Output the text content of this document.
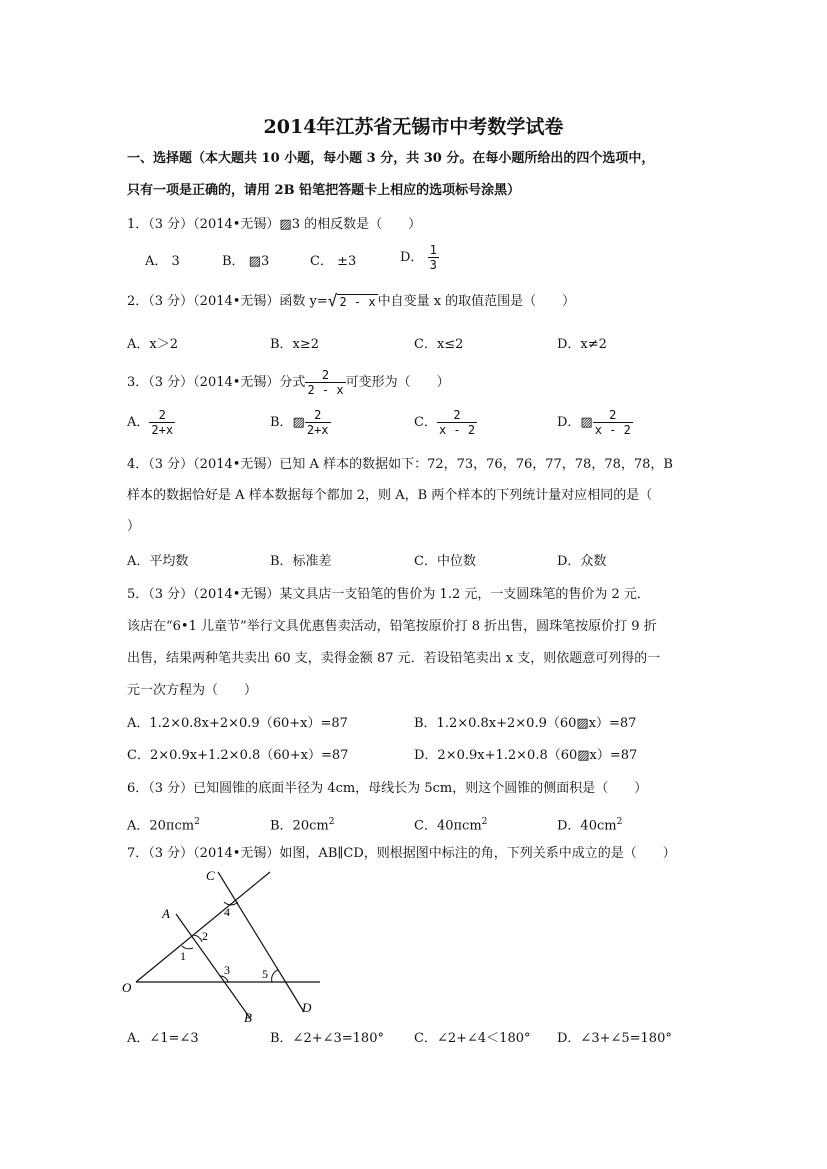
2014年江苏省无锡市中考数学试卷
一、选择题（本大题共 10 小题，每小题 3 分，共 30 分。在每小题所给出的四个选项中，
只有一项是正确的，请用 2B 铅笔把答题卡上相应的选项标号涂黑）
1．（3 分）（2014•无锡）▨3 的相反数是（　　）
A． 3	B． ▨3	C． ±3	D． $\frac{1}{3}$
2．（3 分）（2014•无锡）函数 y=√ 2 - x 中自变量 x 的取值范围是（　　）
A．x＞2	B．x≥2	C．x≤2	D．x≠2
3．（3 分）（2014•无锡）分式 $\frac{2}{2 - x}$ 可变形为（　　）
A． $\frac{2}{2+x}$	B．▨ $\frac{2}{2+x}$	C． $\frac{2}{x - 2}$	D．▨ $\frac{2}{x - 2}$
4．（3 分）（2014•无锡）已知 A 样本的数据如下：72，73，76，76，77，78，78，78，B
样本的数据恰好是 A 样本数据每个都加 2，则 A，B 两个样本的下列统计量对应相同的是（
）
A．平均数	B．标准差	C．中位数	D．众数
5．（3 分）（2014•无锡）某文具店一支铅笔的售价为 1.2 元，一支圆珠笔的售价为 2 元．
该店在“6•1 儿童节”举行文具优惠售卖活动，铅笔按原价打 8 折出售，圆珠笔按原价打 9 折
出售，结果两种笔共卖出 60 支，卖得金额 87 元．若设铅笔卖出 x 支，则依题意可列得的一
元一次方程为（　　）
A．1.2×0.8x+2×0.9（60+x）=87	B．1.2×0.8x+2×0.9（60▨x）=87
C．2×0.9x+1.2×0.8（60+x）=87	D．2×0.9x+1.2×0.8（60▨x）=87
6．（3 分）已知圆锥的底面半径为 4cm，母线长为 5cm，则这个圆锥的侧面积是（　　）
A．20πcm$^2$	B．$20cm^2$	C．40πcm$^2$	D．$40cm^2$
7．（3 分）（2014•无锡）如图，AB∥CD，则根据图中标注的角，下列关系中成立的是（　　）
C
A
O
B
D
1
2
3
4
5
A．∠1=∠3	B．∠2+∠3=180° C．∠2+∠4＜180° D．∠3+∠5=180°
